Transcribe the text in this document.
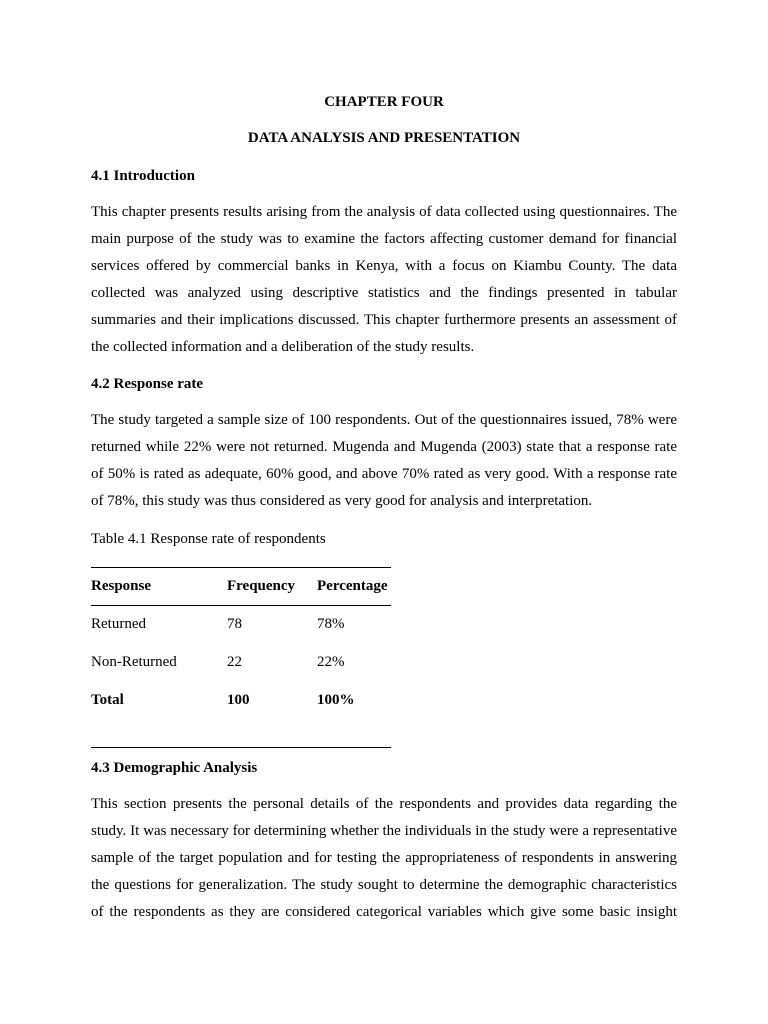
CHAPTER FOUR
DATA ANALYSIS AND PRESENTATION
4.1 Introduction

This chapter presents results arising from the analysis of data collected using questionnaires. The main purpose of the study was to examine the factors affecting customer demand for financial services offered by commercial banks in Kenya, with a focus on Kiambu County. The data collected was analyzed using descriptive statistics and the findings presented in tabular summaries and their implications discussed. This chapter furthermore presents an assessment of the collected information and a deliberation of the study results.

4.2 Response rate

The study targeted a sample size of 100 respondents. Out of the questionnaires issued, 78% were returned while 22% were not returned. Mugenda and Mugenda (2003) state that a response rate of 50% is rated as adequate, 60% good, and above 70% rated as very good. With a response rate of 78%, this study was thus considered as very good for analysis and interpretation.

Table 4.1 Response rate of respondents

Response	Frequency	Percentage
Returned	78	78%
Non-Returned	22	22%
Total	100	100%

4.3 Demographic Analysis

This section presents the personal details of the respondents and provides data regarding the study. It was necessary for determining whether the individuals in the study were a representative sample of the target population and for testing the appropriateness of respondents in answering the questions for generalization. The study sought to determine the demographic characteristics of the respondents as they are considered categorical variables which give some basic insight
